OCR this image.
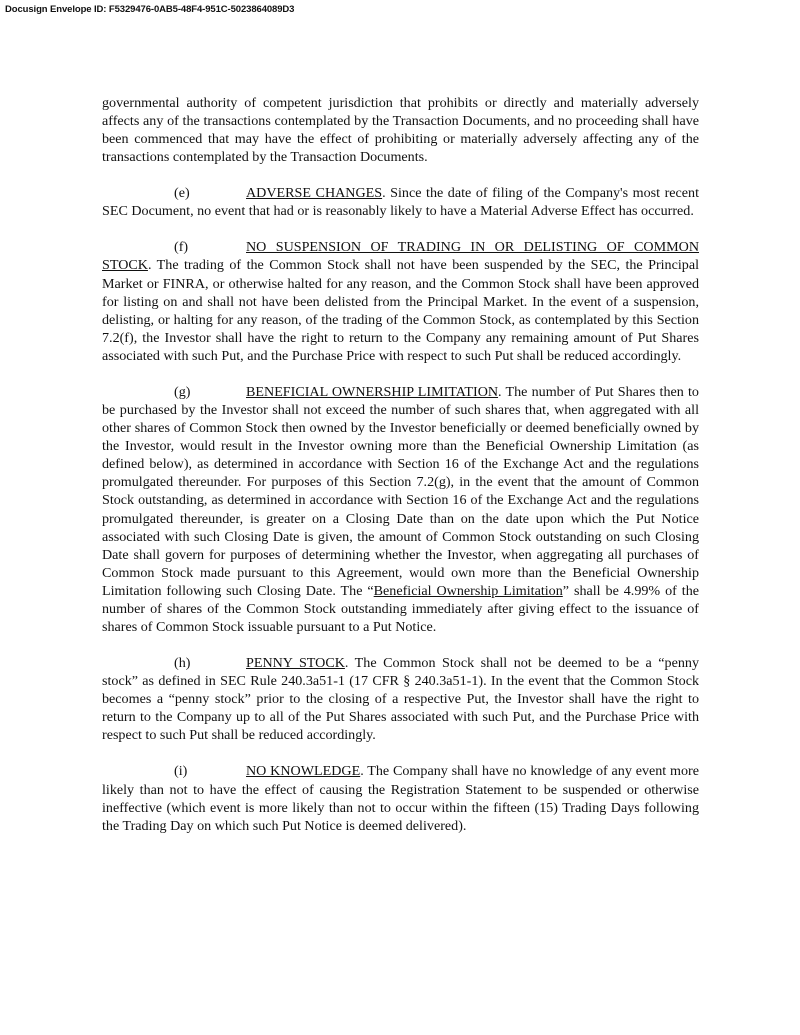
Docusign Envelope ID: F5329476-0AB5-48F4-951C-5023864089D3

governmental authority of competent jurisdiction that prohibits or directly and materially adversely affects any of the transactions contemplated by the Transaction Documents, and no proceeding shall have been commenced that may have the effect of prohibiting or materially adversely affecting any of the transactions contemplated by the Transaction Documents.

(e)	ADVERSE CHANGES. Since the date of filing of the Company's most recent SEC Document, no event that had or is reasonably likely to have a Material Adverse Effect has occurred.

(f)	NO SUSPENSION OF TRADING IN OR DELISTING OF COMMON STOCK. The trading of the Common Stock shall not have been suspended by the SEC, the Principal Market or FINRA, or otherwise halted for any reason, and the Common Stock shall have been approved for listing on and shall not have been delisted from the Principal Market. In the event of a suspension, delisting, or halting for any reason, of the trading of the Common Stock, as contemplated by this Section 7.2(f), the Investor shall have the right to return to the Company any remaining amount of Put Shares associated with such Put, and the Purchase Price with respect to such Put shall be reduced accordingly.

(g)	BENEFICIAL OWNERSHIP LIMITATION. The number of Put Shares then to be purchased by the Investor shall not exceed the number of such shares that, when aggregated with all other shares of Common Stock then owned by the Investor beneficially or deemed beneficially owned by the Investor, would result in the Investor owning more than the Beneficial Ownership Limitation (as defined below), as determined in accordance with Section 16 of the Exchange Act and the regulations promulgated thereunder. For purposes of this Section 7.2(g), in the event that the amount of Common Stock outstanding, as determined in accordance with Section 16 of the Exchange Act and the regulations promulgated thereunder, is greater on a Closing Date than on the date upon which the Put Notice associated with such Closing Date is given, the amount of Common Stock outstanding on such Closing Date shall govern for purposes of determining whether the Investor, when aggregating all purchases of Common Stock made pursuant to this Agreement, would own more than the Beneficial Ownership Limitation following such Closing Date. The “Beneficial Ownership Limitation” shall be 4.99% of the number of shares of the Common Stock outstanding immediately after giving effect to the issuance of shares of Common Stock issuable pursuant to a Put Notice.

(h)	PENNY STOCK. The Common Stock shall not be deemed to be a “penny stock” as defined in SEC Rule 240.3a51-1 (17 CFR § 240.3a51-1). In the event that the Common Stock becomes a “penny stock” prior to the closing of a respective Put, the Investor shall have the right to return to the Company up to all of the Put Shares associated with such Put, and the Purchase Price with respect to such Put shall be reduced accordingly.

(i)	NO KNOWLEDGE. The Company shall have no knowledge of any event more likely than not to have the effect of causing the Registration Statement to be suspended or otherwise ineffective (which event is more likely than not to occur within the fifteen (15) Trading Days following the Trading Day on which such Put Notice is deemed delivered).
